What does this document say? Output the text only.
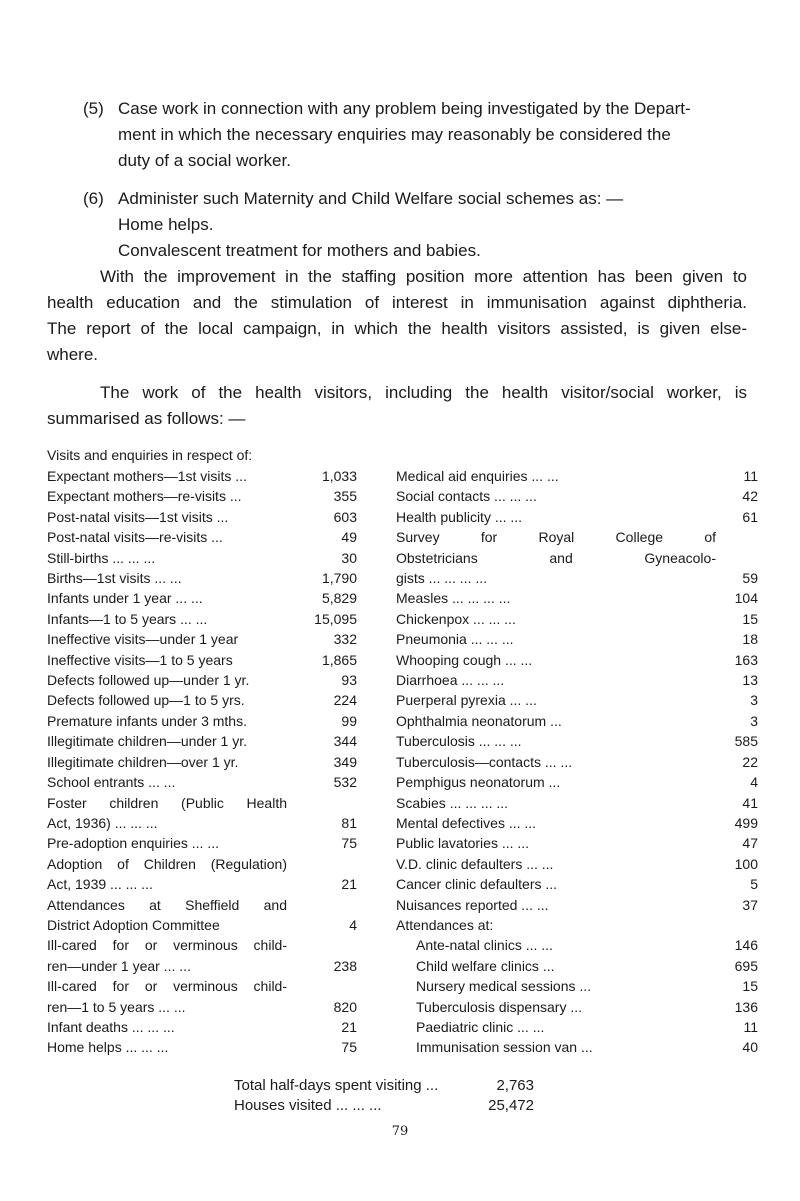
(5) Case work in connection with any problem being investigated by the Depart-
ment in which the necessary enquiries may reasonably be considered the
duty of a social worker.
(6) Administer such Maternity and Child Welfare social schemes as: —
Home helps.
Convalescent treatment for mothers and babies.
With the improvement in the staffing position more attention has been given to
health education and the stimulation of interest in immunisation against diphtheria.
The report of the local campaign, in which the health visitors assisted, is given else-
where.
The work of the health visitors, including the health visitor/social worker, is
summarised as follows: —
Visits and enquiries in respect of:
Expectant mothers—1st visits ...	1,033
Expectant mothers—re-visits ...	355
Post-natal visits—1st visits ...	603
Post-natal visits—re-visits ...	49
Still-births ... ... ...	30
Births—1st visits ... ...	1,790
Infants under 1 year ... ...	5,829
Infants—1 to 5 years ... ...	15,095
Ineffective visits—under 1 year	332
Ineffective visits—1 to 5 years	1,865
Defects followed up—under 1 yr.	93
Defects followed up—1 to 5 yrs.	224
Premature infants under 3 mths.	99
Illegitimate children—under 1 yr.	344
Illegitimate children—over 1 yr.	349
School entrants ... ...	532
Foster children (Public Health
Act, 1936) ... ... ...	81
Pre-adoption enquiries ... ...	75
Adoption of Children (Regulation)
Act, 1939 ... ... ...	21
Attendances at Sheffield and
District Adoption Committee	4
Ill-cared for or verminous child-
ren—under 1 year ... ...	238
Ill-cared for or verminous child-
ren—1 to 5 years ... ...	820
Infant deaths ... ... ...	21
Home helps ... ... ...	75
Medical aid enquiries ... ...	11
Social contacts ... ... ...	42
Health publicity ... ...	61
Survey for Royal College of
Obstetricians and Gyneacolo-
gists ... ... ... ...	59
Measles ... ... ... ...	104
Chickenpox ... ... ...	15
Pneumonia ... ... ...	18
Whooping cough ... ...	163
Diarrhoea ... ... ...	13
Puerperal pyrexia ... ...	3
Ophthalmia neonatorum ...	3
Tuberculosis ... ... ...	585
Tuberculosis—contacts ... ...	22
Pemphigus neonatorum ...	4
Scabies ... ... ... ...	41
Mental defectives ... ...	499
Public lavatories ... ...	47
V.D. clinic defaulters ... ...	100
Cancer clinic defaulters ...	5
Nuisances reported ... ...	37
Attendances at:
Ante-natal clinics ... ...	146
Child welfare clinics ...	695
Nursery medical sessions ...	15
Tuberculosis dispensary ...	136
Paediatric clinic ... ...	11
Immunisation session van ...	40
Total half-days spent visiting ...	2,763
Houses visited ... ... ...	25,472
79
